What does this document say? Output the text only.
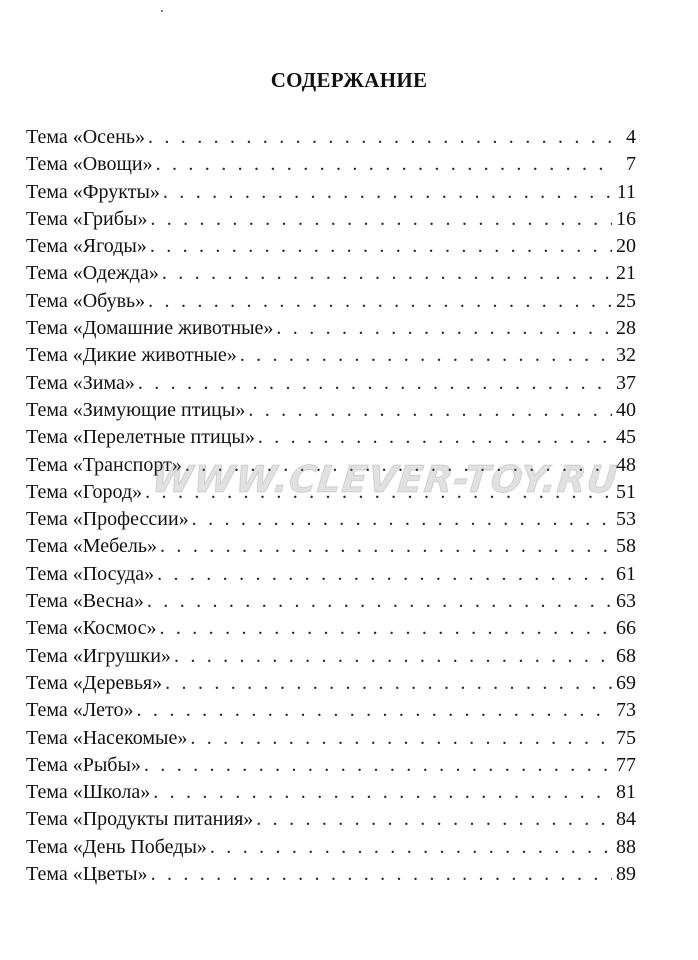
СОДЕРЖАНИЕ
Тема «Осень» . . .	4
Тема «Овощи» . . .	7
Тема «Фрукты» . . .	11
Тема «Грибы» . . .	16
Тема «Ягоды» . . .	20
Тема «Одежда» . . .	21
Тема «Обувь» . . .	25
Тема «Домашние животные» . . .	28
Тема «Дикие животные» . . .	32
Тема «Зима» . . .	37
Тема «Зимующие птицы» . . .	40
Тема «Перелетные птицы» . . .	45
Тема «Транспорт» . . .	48
Тема «Город» . . .	51
Тема «Профессии» . . .	53
Тема «Мебель» . . .	58
Тема «Посуда» . . .	61
Тема «Весна» . . .	63
Тема «Космос» . . .	66
Тема «Игрушки» . . .	68
Тема «Деревья» . . .	69
Тема «Лето» . . .	73
Тема «Насекомые» . . .	75
Тема «Рыбы» . . .	77
Тема «Школа» . . .	81
Тема «Продукты питания» . . .	84
Тема «День Победы» . . .	88
Тема «Цветы» . . .	89
WWW.CLEVER-TOY.RU
